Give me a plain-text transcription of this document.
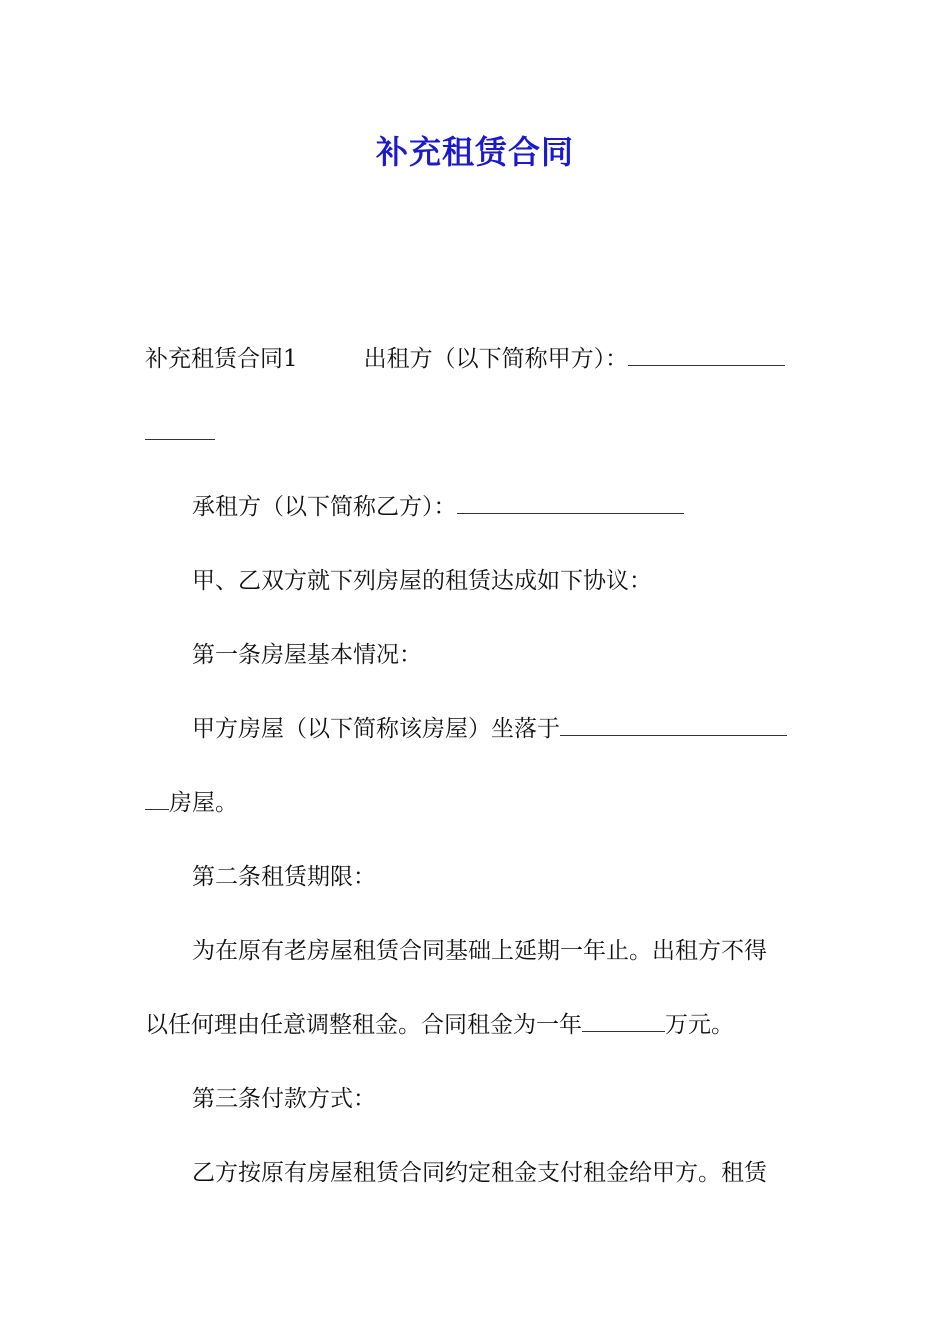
补充租赁合同
补充租赁合同1	出租方（以下简称甲方）：
承租方（以下简称乙方）：
甲、乙双方就下列房屋的租赁达成如下协议：
第一条房屋基本情况：
甲方房屋（以下简称该房屋）坐落于
房屋。
第二条租赁期限：
为在原有老房屋租赁合同基础上延期一年止。出租方不得
以任何理由任意调整租金。合同租金为一年	万元。
第三条付款方式：
乙方按原有房屋租赁合同约定租金支付租金给甲方。租赁
